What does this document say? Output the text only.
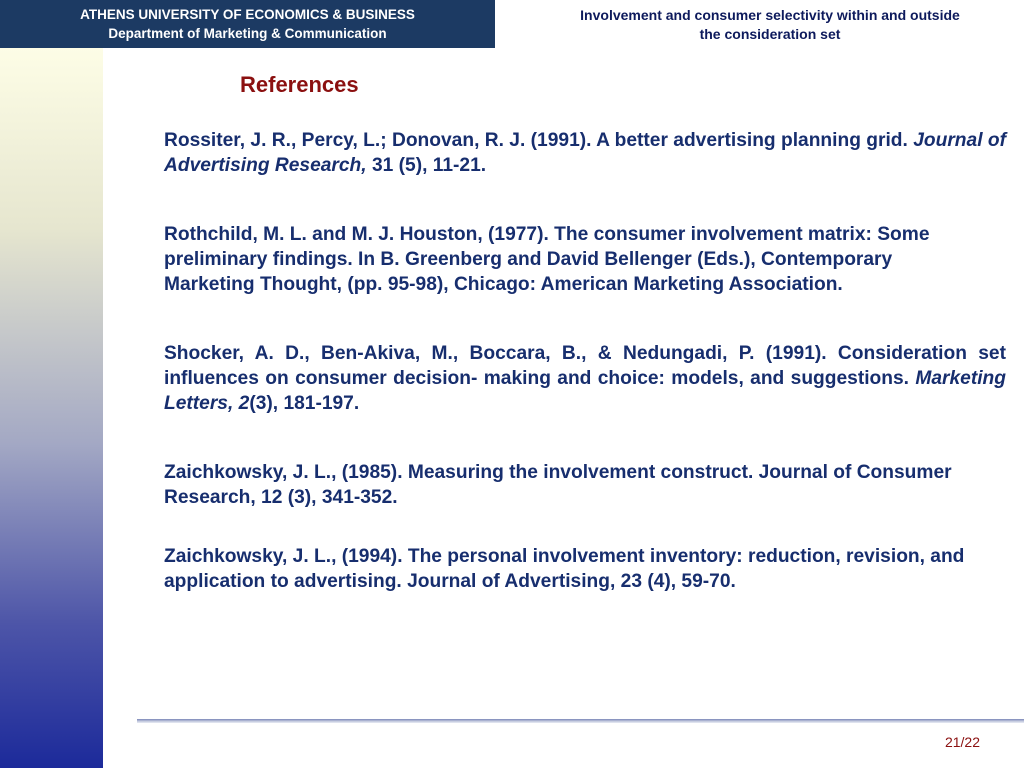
ATHENS UNIVERSITY OF ECONOMICS & BUSINESS
Department of Marketing & Communication
Involvement and consumer selectivity within and outside
the consideration set
References

Rossiter, J. R., Percy, L.; Donovan, R. J. (1991). A better advertising planning grid. Journal of Advertising Research, 31 (5), 11-21.

Rothchild, M. L. and M. J. Houston, (1977). The consumer involvement matrix: Some preliminary findings. In B. Greenberg and David Bellenger (Eds.), Contemporary Marketing Thought, (pp. 95-98), Chicago: American Marketing Association.

Shocker, A. D., Ben-Akiva, M., Boccara, B., & Nedungadi, P. (1991). Consideration set influences on consumer decision- making and choice: models, and suggestions. Marketing Letters, 2(3), 181-197.

Zaichkowsky, J. L., (1985). Measuring the involvement construct. Journal of Consumer Research, 12 (3), 341-352.

Zaichkowsky, J. L., (1994). The personal involvement inventory: reduction, revision, and application to advertising. Journal of Advertising, 23 (4), 59-70.

21/22
